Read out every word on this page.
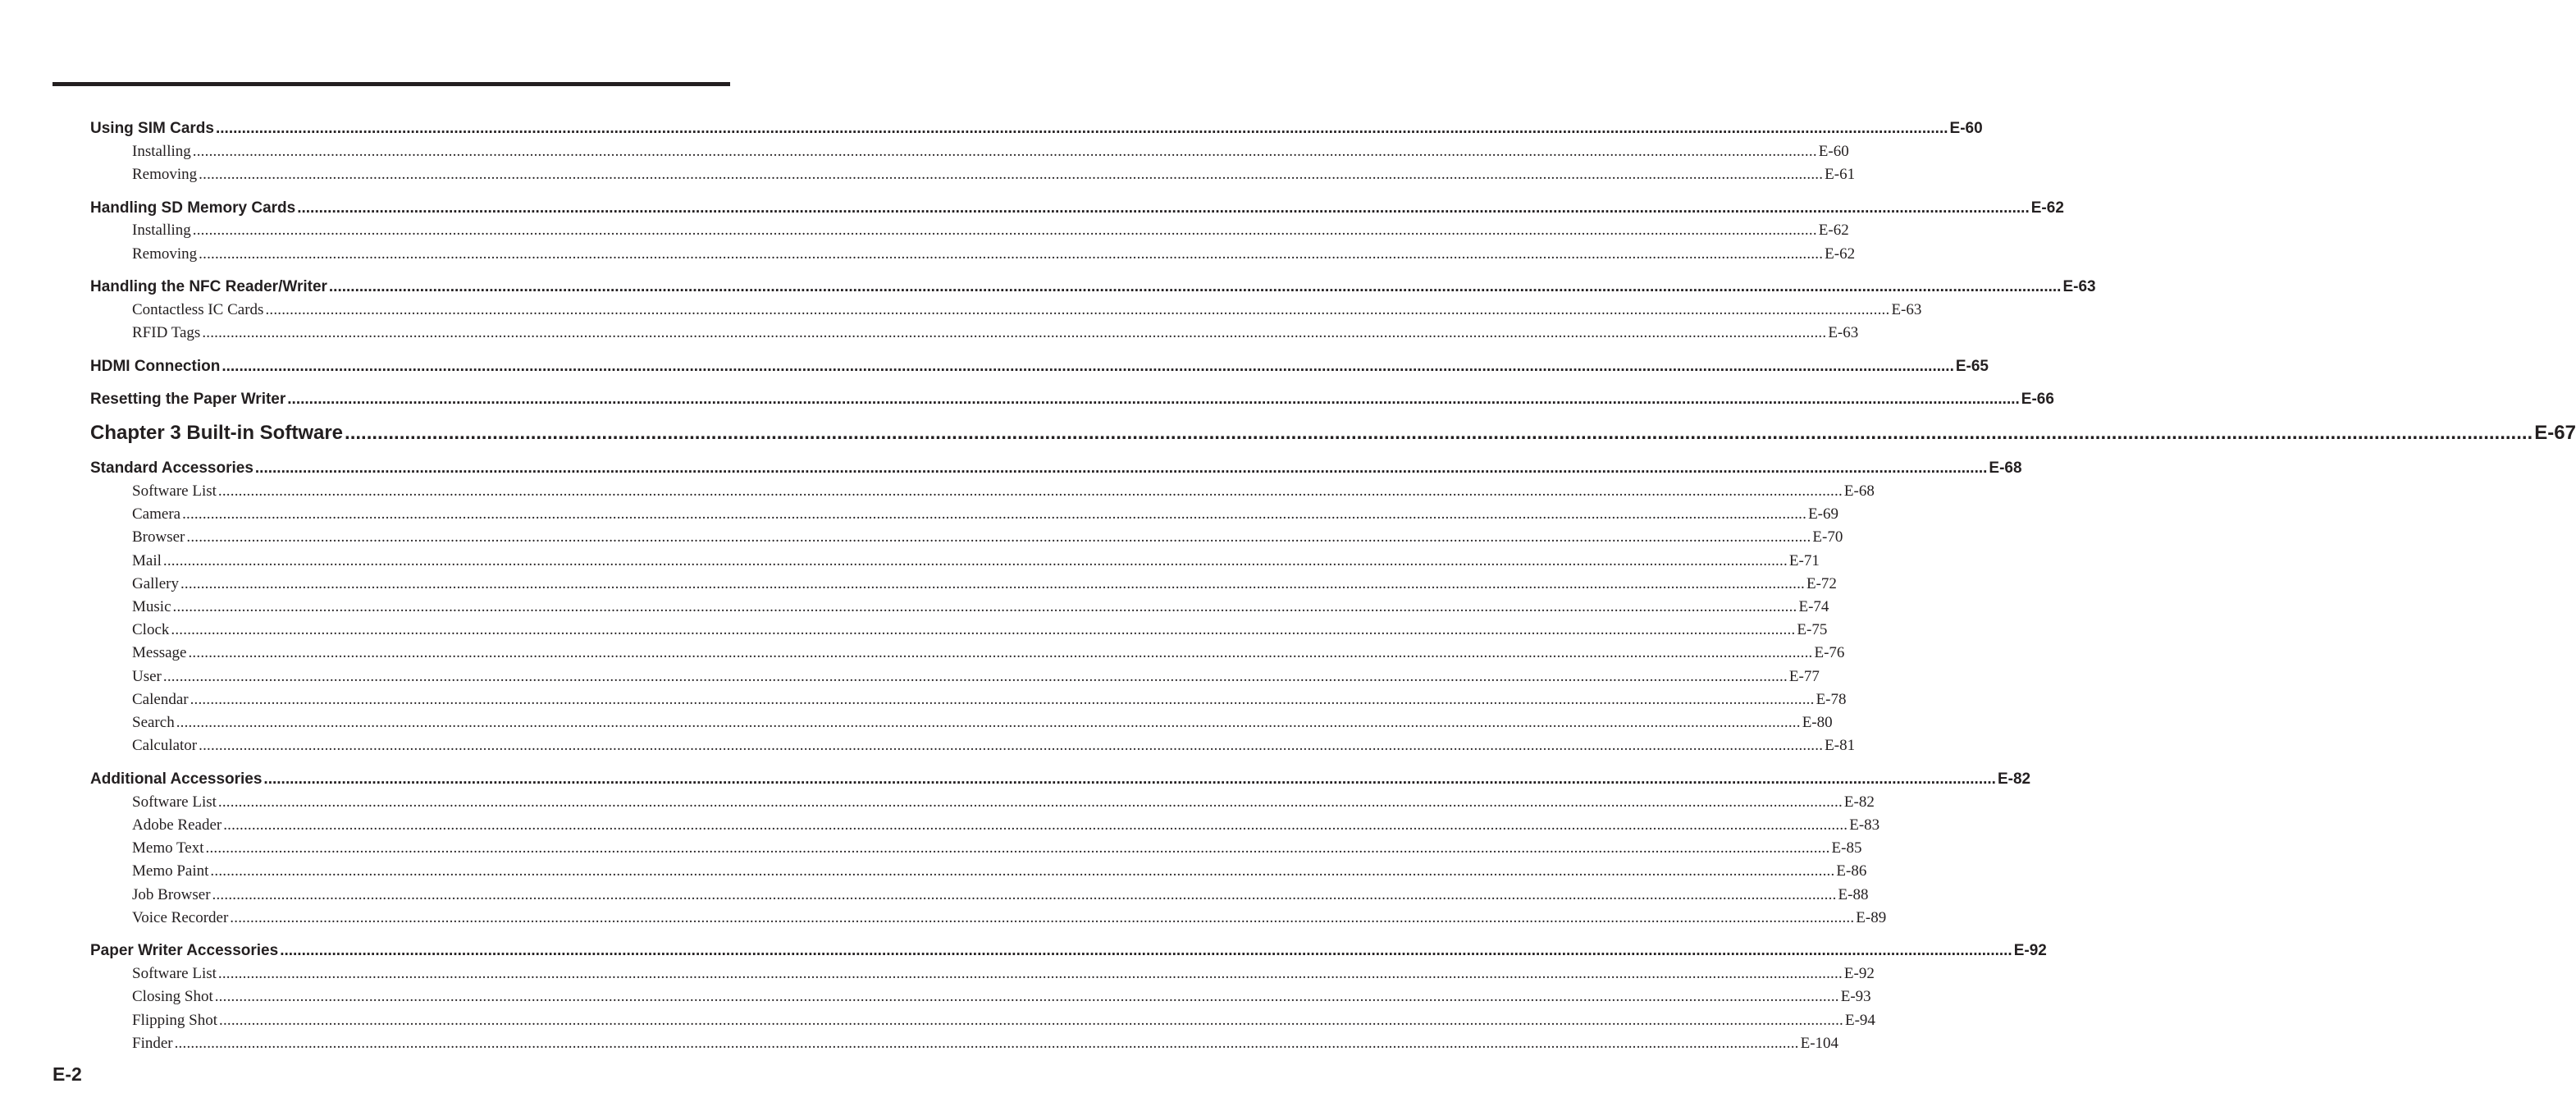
Using SIM Cards ................................................................................................................................................................................................................................................................................................................................................................................................................ E-60
Installing ................................................................................................................................................................................................................................................................................................................................................................................................................ E-60
Removing ................................................................................................................................................................................................................................................................................................................................................................................................................ E-61
Handling SD Memory Cards ................................................................................................................................................................................................................................................................................................................................................................................................................ E-62
Installing ................................................................................................................................................................................................................................................................................................................................................................................................................ E-62
Removing ................................................................................................................................................................................................................................................................................................................................................................................................................ E-62
Handling the NFC Reader/Writer ................................................................................................................................................................................................................................................................................................................................................................................................................ E-63
Contactless IC Cards ................................................................................................................................................................................................................................................................................................................................................................................................................ E-63
RFID Tags ................................................................................................................................................................................................................................................................................................................................................................................................................ E-63
HDMI Connection ................................................................................................................................................................................................................................................................................................................................................................................................................ E-65
Resetting the Paper Writer ................................................................................................................................................................................................................................................................................................................................................................................................................ E-66
Chapter 3 Built-in Software ................................................................................................................................................................................................................................................................................................................................................................................................................ E-67
Standard Accessories ................................................................................................................................................................................................................................................................................................................................................................................................................ E-68
Software List ................................................................................................................................................................................................................................................................................................................................................................................................................ E-68
Camera ................................................................................................................................................................................................................................................................................................................................................................................................................ E-69
Browser ................................................................................................................................................................................................................................................................................................................................................................................................................ E-70
Mail ................................................................................................................................................................................................................................................................................................................................................................................................................ E-71
Gallery ................................................................................................................................................................................................................................................................................................................................................................................................................ E-72
Music ................................................................................................................................................................................................................................................................................................................................................................................................................ E-74
Clock ................................................................................................................................................................................................................................................................................................................................................................................................................ E-75
Message ................................................................................................................................................................................................................................................................................................................................................................................................................ E-76
User ................................................................................................................................................................................................................................................................................................................................................................................................................ E-77
Calendar ................................................................................................................................................................................................................................................................................................................................................................................................................ E-78
Search ................................................................................................................................................................................................................................................................................................................................................................................................................ E-80
Calculator ................................................................................................................................................................................................................................................................................................................................................................................................................ E-81
Additional Accessories ................................................................................................................................................................................................................................................................................................................................................................................................................ E-82
Software List ................................................................................................................................................................................................................................................................................................................................................................................................................ E-82
Adobe Reader ................................................................................................................................................................................................................................................................................................................................................................................................................ E-83
Memo Text ................................................................................................................................................................................................................................................................................................................................................................................................................ E-85
Memo Paint ................................................................................................................................................................................................................................................................................................................................................................................................................ E-86
Job Browser ................................................................................................................................................................................................................................................................................................................................................................................................................ E-88
Voice Recorder ................................................................................................................................................................................................................................................................................................................................................................................................................ E-89
Paper Writer Accessories ................................................................................................................................................................................................................................................................................................................................................................................................................ E-92
Software List ................................................................................................................................................................................................................................................................................................................................................................................................................ E-92
Closing Shot ................................................................................................................................................................................................................................................................................................................................................................................................................ E-93
Flipping Shot ................................................................................................................................................................................................................................................................................................................................................................................................................ E-94
Finder ................................................................................................................................................................................................................................................................................................................................................................................................................ E-104
E-2
